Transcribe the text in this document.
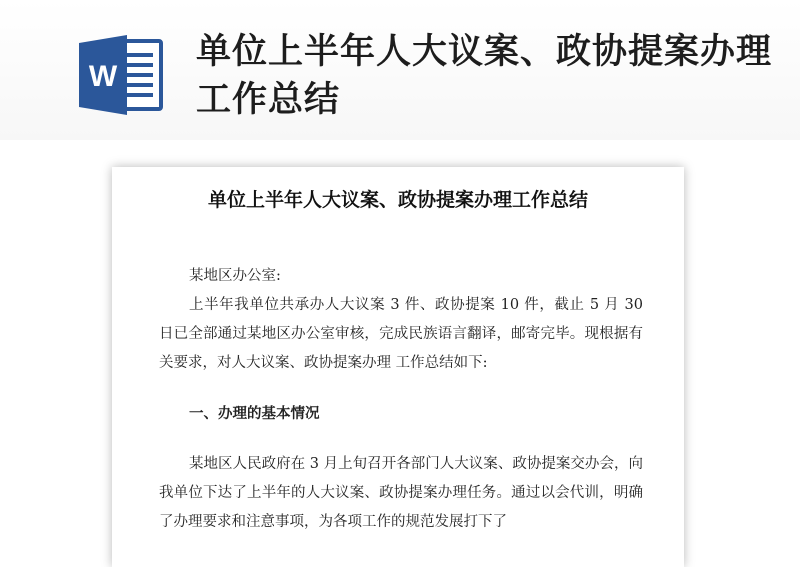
W
单位上半年人大议案、政协提案办理工作总结
单位上半年人大议案、政协提案办理工作总结
某地区办公室:
上半年我单位共承办人大议案 3 件、政协提案 10 件，截止 5 月 30 日已全部通过某地区办公室审核，完成民族语言翻译，邮寄完毕。现根据有关要求，对人大议案、政协提案办理 工作总结如下:
一、办理的基本情况
某地区人民政府在 3 月上旬召开各部门人大议案、政协提案交办会，向我单位下达了上半年的人大议案、政协提案办理任务。通过以会代训，明确了办理要求和注意事项，为各项工作的规范发展打下了
